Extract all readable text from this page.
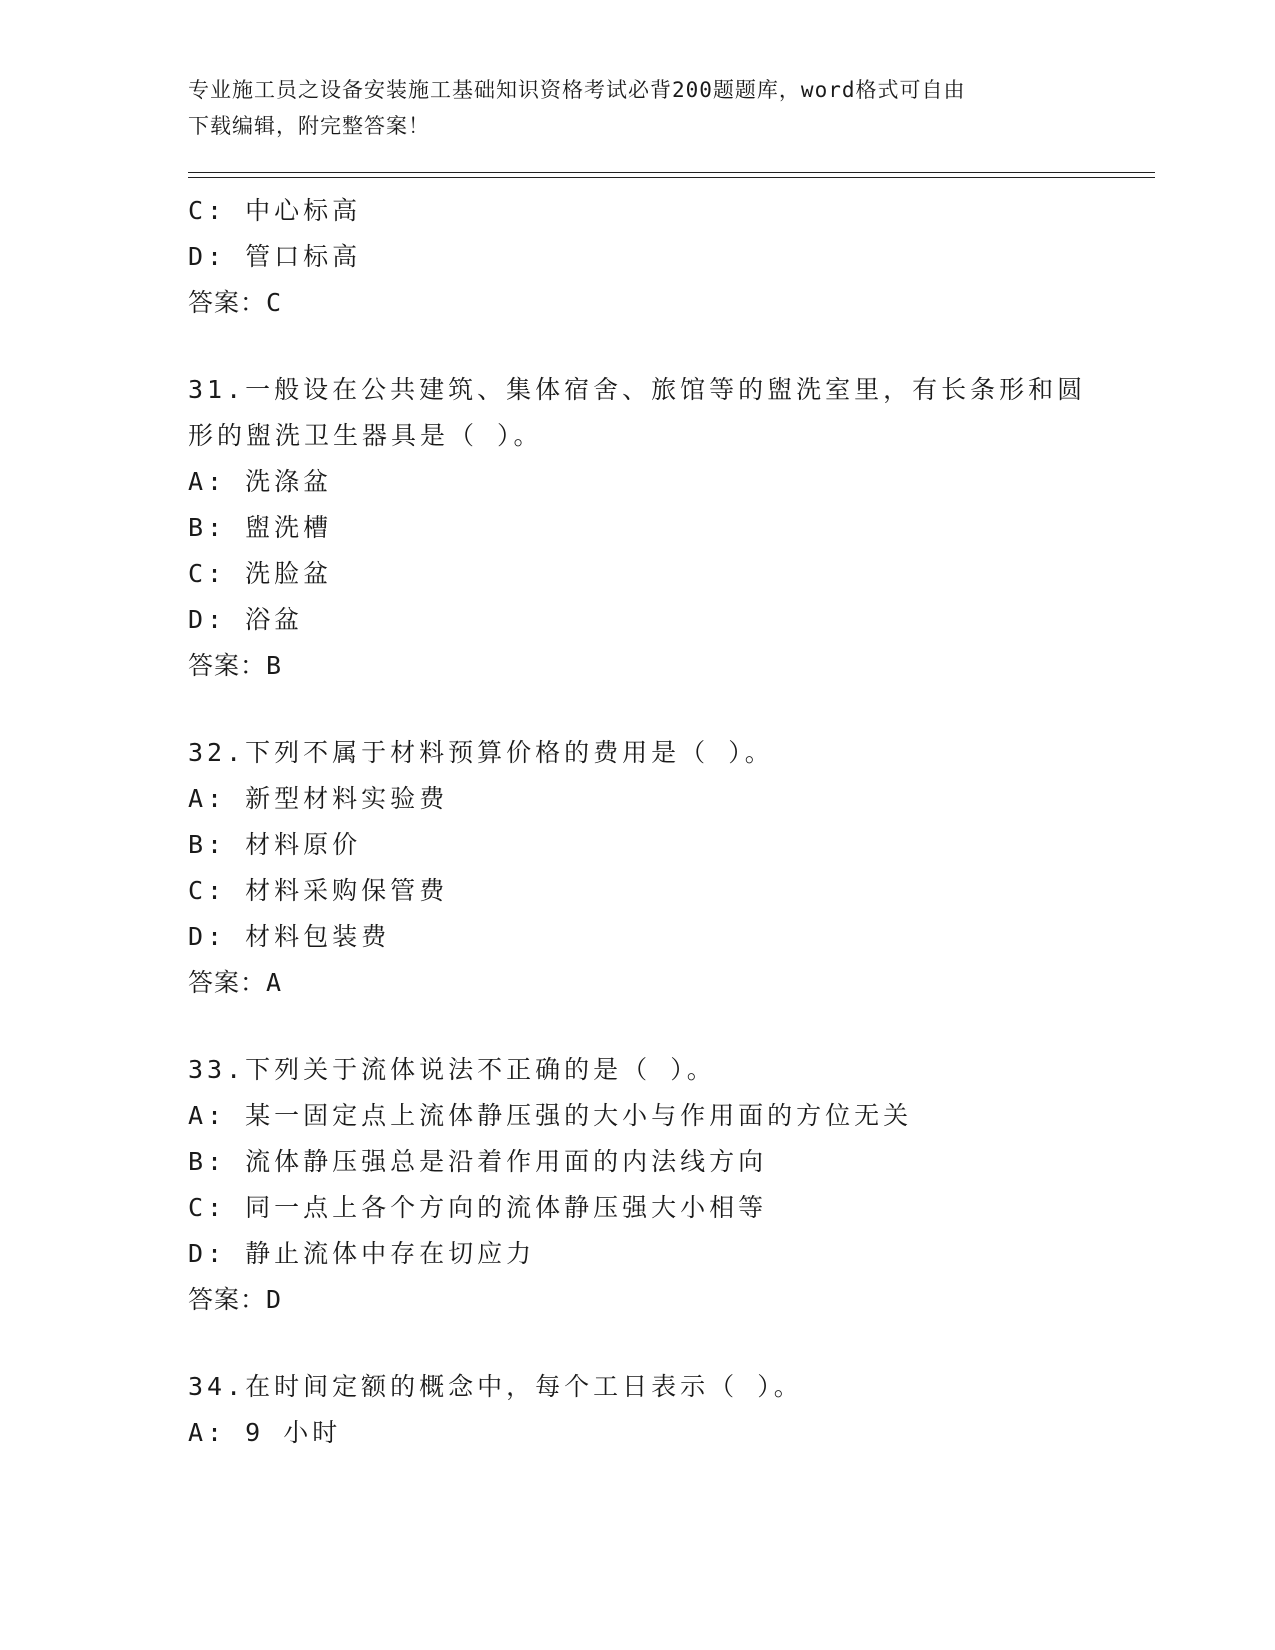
专业施工员之设备安装施工基础知识资格考试必背200题题库，word格式可自由
下载编辑，附完整答案！
C: 中心标高
D: 管口标高
答案：C
31.一般设在公共建筑、集体宿舍、旅馆等的盥洗室里，有长条形和圆
形的盥洗卫生器具是（ ）。
A: 洗涤盆
B: 盥洗槽
C: 洗脸盆
D: 浴盆
答案：B
32.下列不属于材料预算价格的费用是（ ）。
A: 新型材料实验费
B: 材料原价
C: 材料采购保管费
D: 材料包装费
答案：A
33.下列关于流体说法不正确的是（ ）。
A: 某一固定点上流体静压强的大小与作用面的方位无关
B: 流体静压强总是沿着作用面的内法线方向
C: 同一点上各个方向的流体静压强大小相等
D: 静止流体中存在切应力
答案：D
34.在时间定额的概念中，每个工日表示（ ）。
A: 9 小时
